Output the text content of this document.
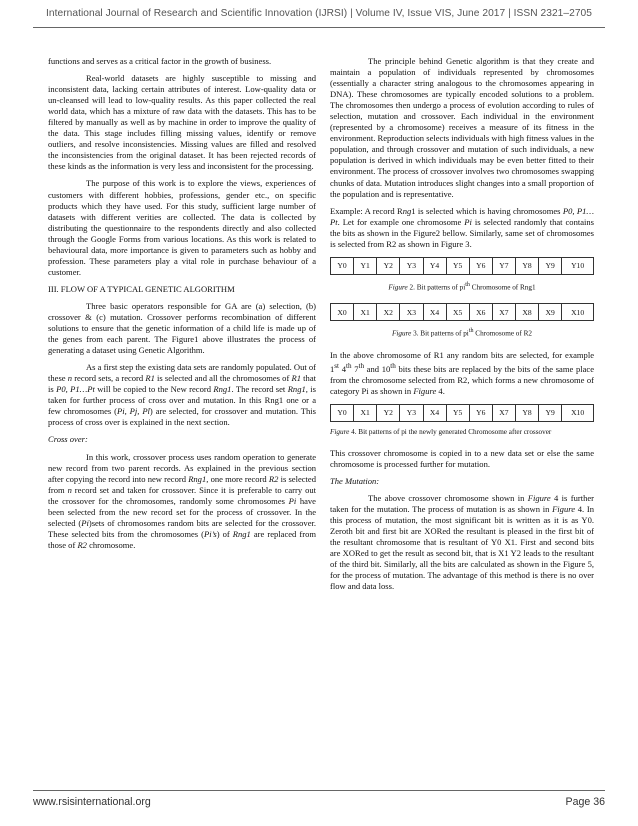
International Journal of Research and Scientific Innovation (IJRSI) | Volume IV, Issue VIS, June 2017 | ISSN 2321–2705

functions and serves as a critical factor in the growth of business.

Real-world datasets are highly susceptible to missing and inconsistent data, lacking certain attributes of interest. Low-quality data or un-cleansed will lead to low-quality results. As this paper collected the real world data, which has a mixture of raw data with the datasets. This has to be filtered by manually as well as by machine in order to improve the quality of the data. This stage includes filling missing values, identify or remove outliers, and resolve inconsistencies. Missing values are filled and resolved the inconsistencies from the original dataset. It has been rejected records of these kinds as the information is very less and inconsistent for the processing.

The purpose of this work is to explore the views, experiences of customers with different hobbies, professions, gender etc., on specific products which they have used. For this study, sufficient large number of datasets with different verities are collected. The data is collected by distributing the questionnaire to the respondents directly and also collected through the Google Forms from various locations. As this work is related to behavioural data, more importance is given to parameters such as hobby and profession. These parameters play a vital role in purchase behaviour of a customer.

III. FLOW OF A TYPICAL GENETIC ALGORITHM

Three basic operators responsible for GA are (a) selection, (b) crossover & (c) mutation. Crossover performs recombination of different solutions to ensure that the genetic information of a child life is made up of the genes from each parent. The Figure1 above illustrates the process of generating a dataset using Genetic Algorithm.

As a first step the existing data sets are randomly populated. Out of these n record sets, a record R1 is selected and all the chromosomes of R1 that is P0, P1…Pt will be copied to the New record Rng1. The record set Rng1, is taken for further process of cross over and mutation. In this Rng1 one or a few chromosomes (Pi, Pj, Pl) are selected, for crossover and mutation. This process of cross over is explained in the next section.

Cross over:

In this work, crossover process uses random operation to generate new record from two parent records. As explained in the previous section after copying the record into new record Rng1, one more record R2 is selected from n record set and taken for crossover. Since it is preferable to carry out the crossover for the chromosomes, randomly some chromosomes Pi have been selected from the new record set for the process of crossover. In the selected (Pi)sets of chromosomes random bits are selected for the crossover. These selected bits from the chromosomes (Pi’s) of Rng1 are replaced from those of R2 chromosome.

The principle behind Genetic algorithm is that they create and maintain a population of individuals represented by chromosomes (essentially a character string analogous to the chromosomes appearing in DNA). These chromosomes are typically encoded solutions to a problem. The chromosomes then undergo a process of evolution according to rules of selection, mutation and crossover. Each individual in the environment (represented by a chromosome) receives a measure of its fitness in the environment. Reproduction selects individuals with high fitness values in the population, and through crossover and mutation of such individuals, a new population is derived in which individuals may be even better fitted to their environment. The process of crossover involves two chromosomes swapping chunks of data. Mutation introduces slight changes into a small proportion of the population and is representative.

Example: A record Rng1 is selected which is having chromosomes P0, P1…Pt. Let for example one chromosome Pi is selected randomly that contains the bits as shown in the Figure2 bellow. Similarly, same set of chromosomes is selected from R2 as shown in Figure 3.

Y0	Y1	Y2	Y3	Y4	Y5	Y6	Y7	Y8	Y9	Y10
Figure 2. Bit patterns of $pi^{th}$ Chromosome of Rng1
X0	X1	X2	X3	X4	X5	X6	X7	X8	X9	X10
Figure 3. Bit patterns of $pi^{th}$ Chromosome of R2

In the above chromosome of R1 any random bits are selected, for example 1st 4th 7th and 10th bits these bits are replaced by the bits of the same place from the chromosome selected from R2, which forms a new chromosome of category Pi as shown in Figure 4.

Y0	X1	Y2	Y3	X4	Y5	Y6	X7	Y8	Y9	X10
Figure 4. Bit patterns of pi the newly generated Chromosome after crossover

This crossover chromosome is copied in to a new data set or else the same chromosome is processed further for mutation.

The Mutation:

The above crossover chromosome shown in Figure 4 is further taken for the mutation. The process of mutation is as shown in Figure 4. In this process of mutation, the most significant bit is written as it is as Y0. Zeroth bit and first bit are XORed the resultant is pleased in the first bit of the resultant chromosome that is resultant of Y0 X1. First and second bits are XORed to get the result as second bit, that is X1 Y2 leads to the resultant of the third bit. Similarly, all the bits are calculated as shown in the Figure 5, for the process of mutation. The advantage of this method is there is no over flow and data loss.

www.rsisinternational.org	Page 36
